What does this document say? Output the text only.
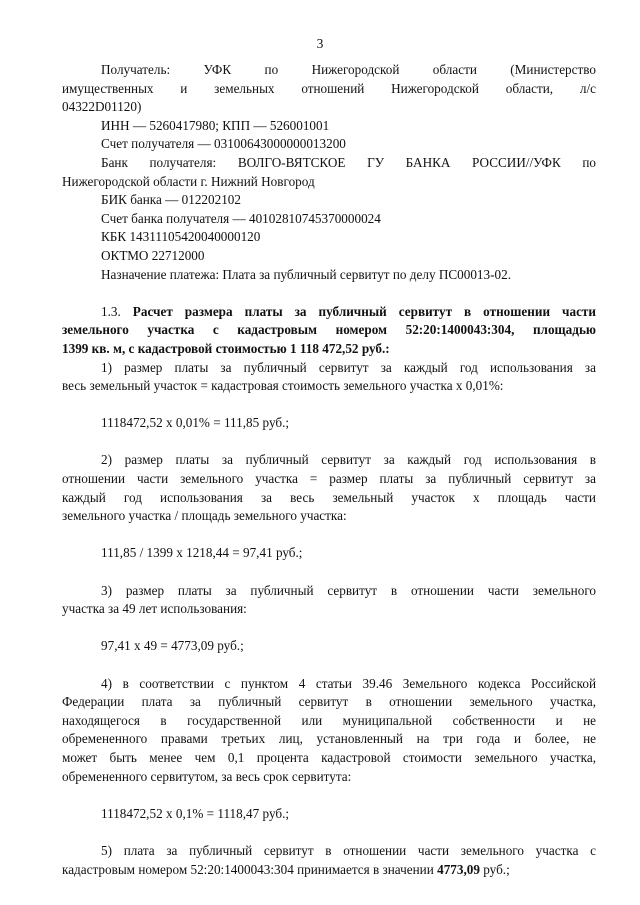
3
Получатель: УФК по Нижегородской области (Министерство
имущественных и земельных отношений Нижегородской области, л/с
04322D01120)
ИНН — 5260417980; КПП — 526001001
Счет получателя — 03100643000000013200
Банк получателя: ВОЛГО-ВЯТСКОЕ ГУ БАНКА РОССИИ//УФК по
Нижегородской области г. Нижний Новгород
БИК банка — 012202102
Счет банка получателя — 40102810745370000024
КБК 14311105420040000120
ОКТМО 22712000
Назначение платежа: Плата за публичный сервитут по делу ПС00013-02.
1.3. Расчет размера платы за публичный сервитут в отношении части
земельного участка с кадастровым номером 52:20:1400043:304, площадью
1399 кв. м, с кадастровой стоимостью 1 118 472,52 руб.:
1) размер платы за публичный сервитут за каждый год использования за
весь земельный участок = кадастровая стоимость земельного участка x 0,01%:
1118472,52 x 0,01% = 111,85 руб.;
2) размер платы за публичный сервитут за каждый год использования в
отношении части земельного участка = размер платы за публичный сервитут за
каждый год использования за весь земельный участок x площадь части
земельного участка / площадь земельного участка:
111,85 / 1399 x 1218,44 = 97,41 руб.;
3) размер платы за публичный сервитут в отношении части земельного
участка за 49 лет использования:
97,41 x 49 = 4773,09 руб.;
4) в соответствии с пунктом 4 статьи 39.46 Земельного кодекса Российской
Федерации плата за публичный сервитут в отношении земельного участка,
находящегося в государственной или муниципальной собственности и не
обремененного правами третьих лиц, установленный на три года и более, не
может быть менее чем 0,1 процента кадастровой стоимости земельного участка,
обремененного сервитутом, за весь срок сервитута:
1118472,52 x 0,1% = 1118,47 руб.;
5) плата за публичный сервитут в отношении части земельного участка с
кадастровым номером 52:20:1400043:304 принимается в значении 4773,09 руб.;
